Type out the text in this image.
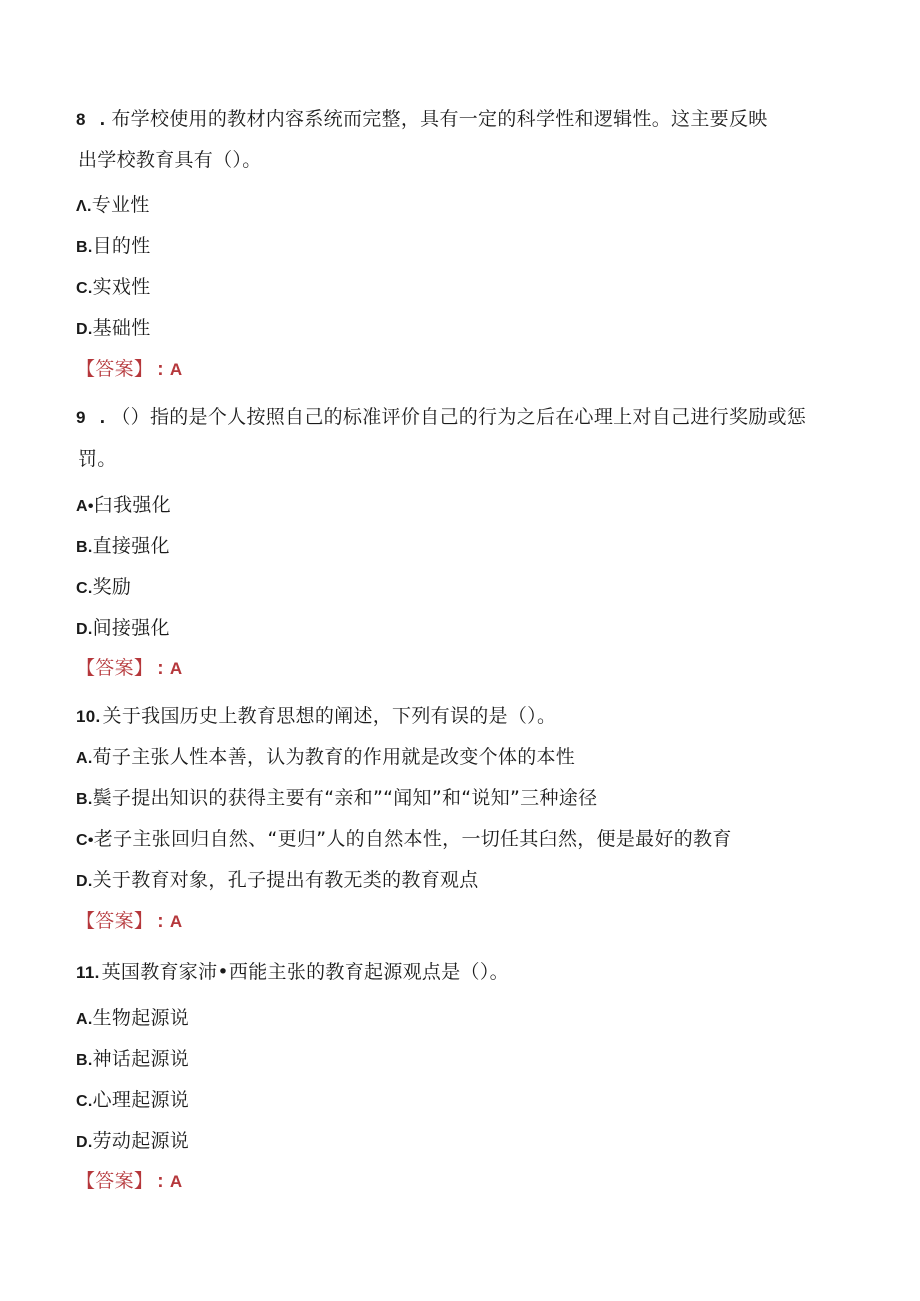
8 . 布学校使用的教材内容系统而完整，具有一定的科学性和逻辑性。这主要反映
出学校教育具有（）。
Λ.专业性
B.目的性
C.实戏性
D.基础性
【答案】 : A
9 . （）指的是个人按照自己的标准评价自己的行为之后在心理上对自己进行奖励或惩
罚。
A•臼我强化
B.直接强化
C.奖励
D.间接强化
【答案】 : A
10. 关于我国历史上教育思想的阐述，下列有误的是（）。
A.荀子主张人性本善，认为教育的作用就是改变个体的本性
B.鬓子提出知识的获得主要有“亲和”“闻知”和“说知”三种途径
C•老子主张回归自然、“更归”人的自然本性，一切任其臼然，便是最好的教育
D.关于教育对象，孔子提出有教无类的教育观点
【答案】 : A
11. 英国教育家沛•西能主张的教育起源观点是（）。
A.生物起源说
B.神话起源说
C.心理起源说
D.劳动起源说
【答案】 : A
